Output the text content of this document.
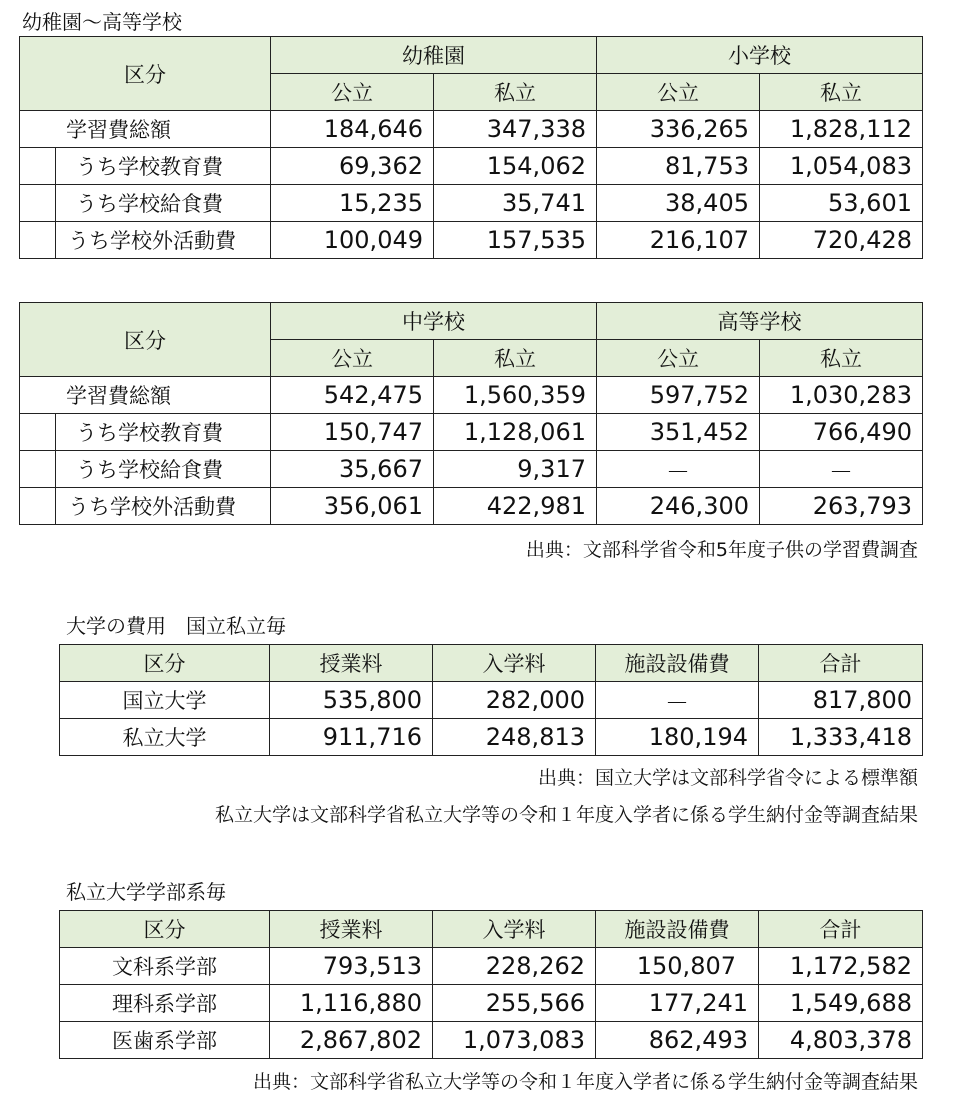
幼稚園〜高等学校
区分		幼稚園		小学校	
		公立	私立	公立	私立
学習費総額		184,646	347,338	336,265	1,828,112
	うち学校教育費	69,362	154,062	81,753	1,054,083
	うち学校給食費	15,235	35,741	38,405	53,601
	うち学校外活動費	100,049	157,535	216,107	720,428
区分		中学校		高等学校	
		公立	私立	公立	私立
学習費総額		542,475	1,560,359	597,752	1,030,283
	うち学校教育費	150,747	1,128,061	351,452	766,490
	うち学校給食費	35,667	9,317	－	－
	うち学校外活動費	356,061	422,981	246,300	263,793
出典：文部科学省令和5年度子供の学習費調査
大学の費用　国立私立毎
区分	授業料	入学料	施設設備費	合計
国立大学	535,800	282,000	－	817,800
私立大学	911,716	248,813	180,194	1,333,418
出典：国立大学は文部科学省令による標準額
私立大学は文部科学省私立大学等の令和１年度入学者に係る学生納付金等調査結果
私立大学学部系毎
区分	授業料	入学料	施設設備費	合計
文科系学部	793,513	228,262	150,807	1,172,582
理科系学部	1,116,880	255,566	177,241	1,549,688
医歯系学部	2,867,802	1,073,083	862,493	4,803,378
出典：文部科学省私立大学等の令和１年度入学者に係る学生納付金等調査結果
